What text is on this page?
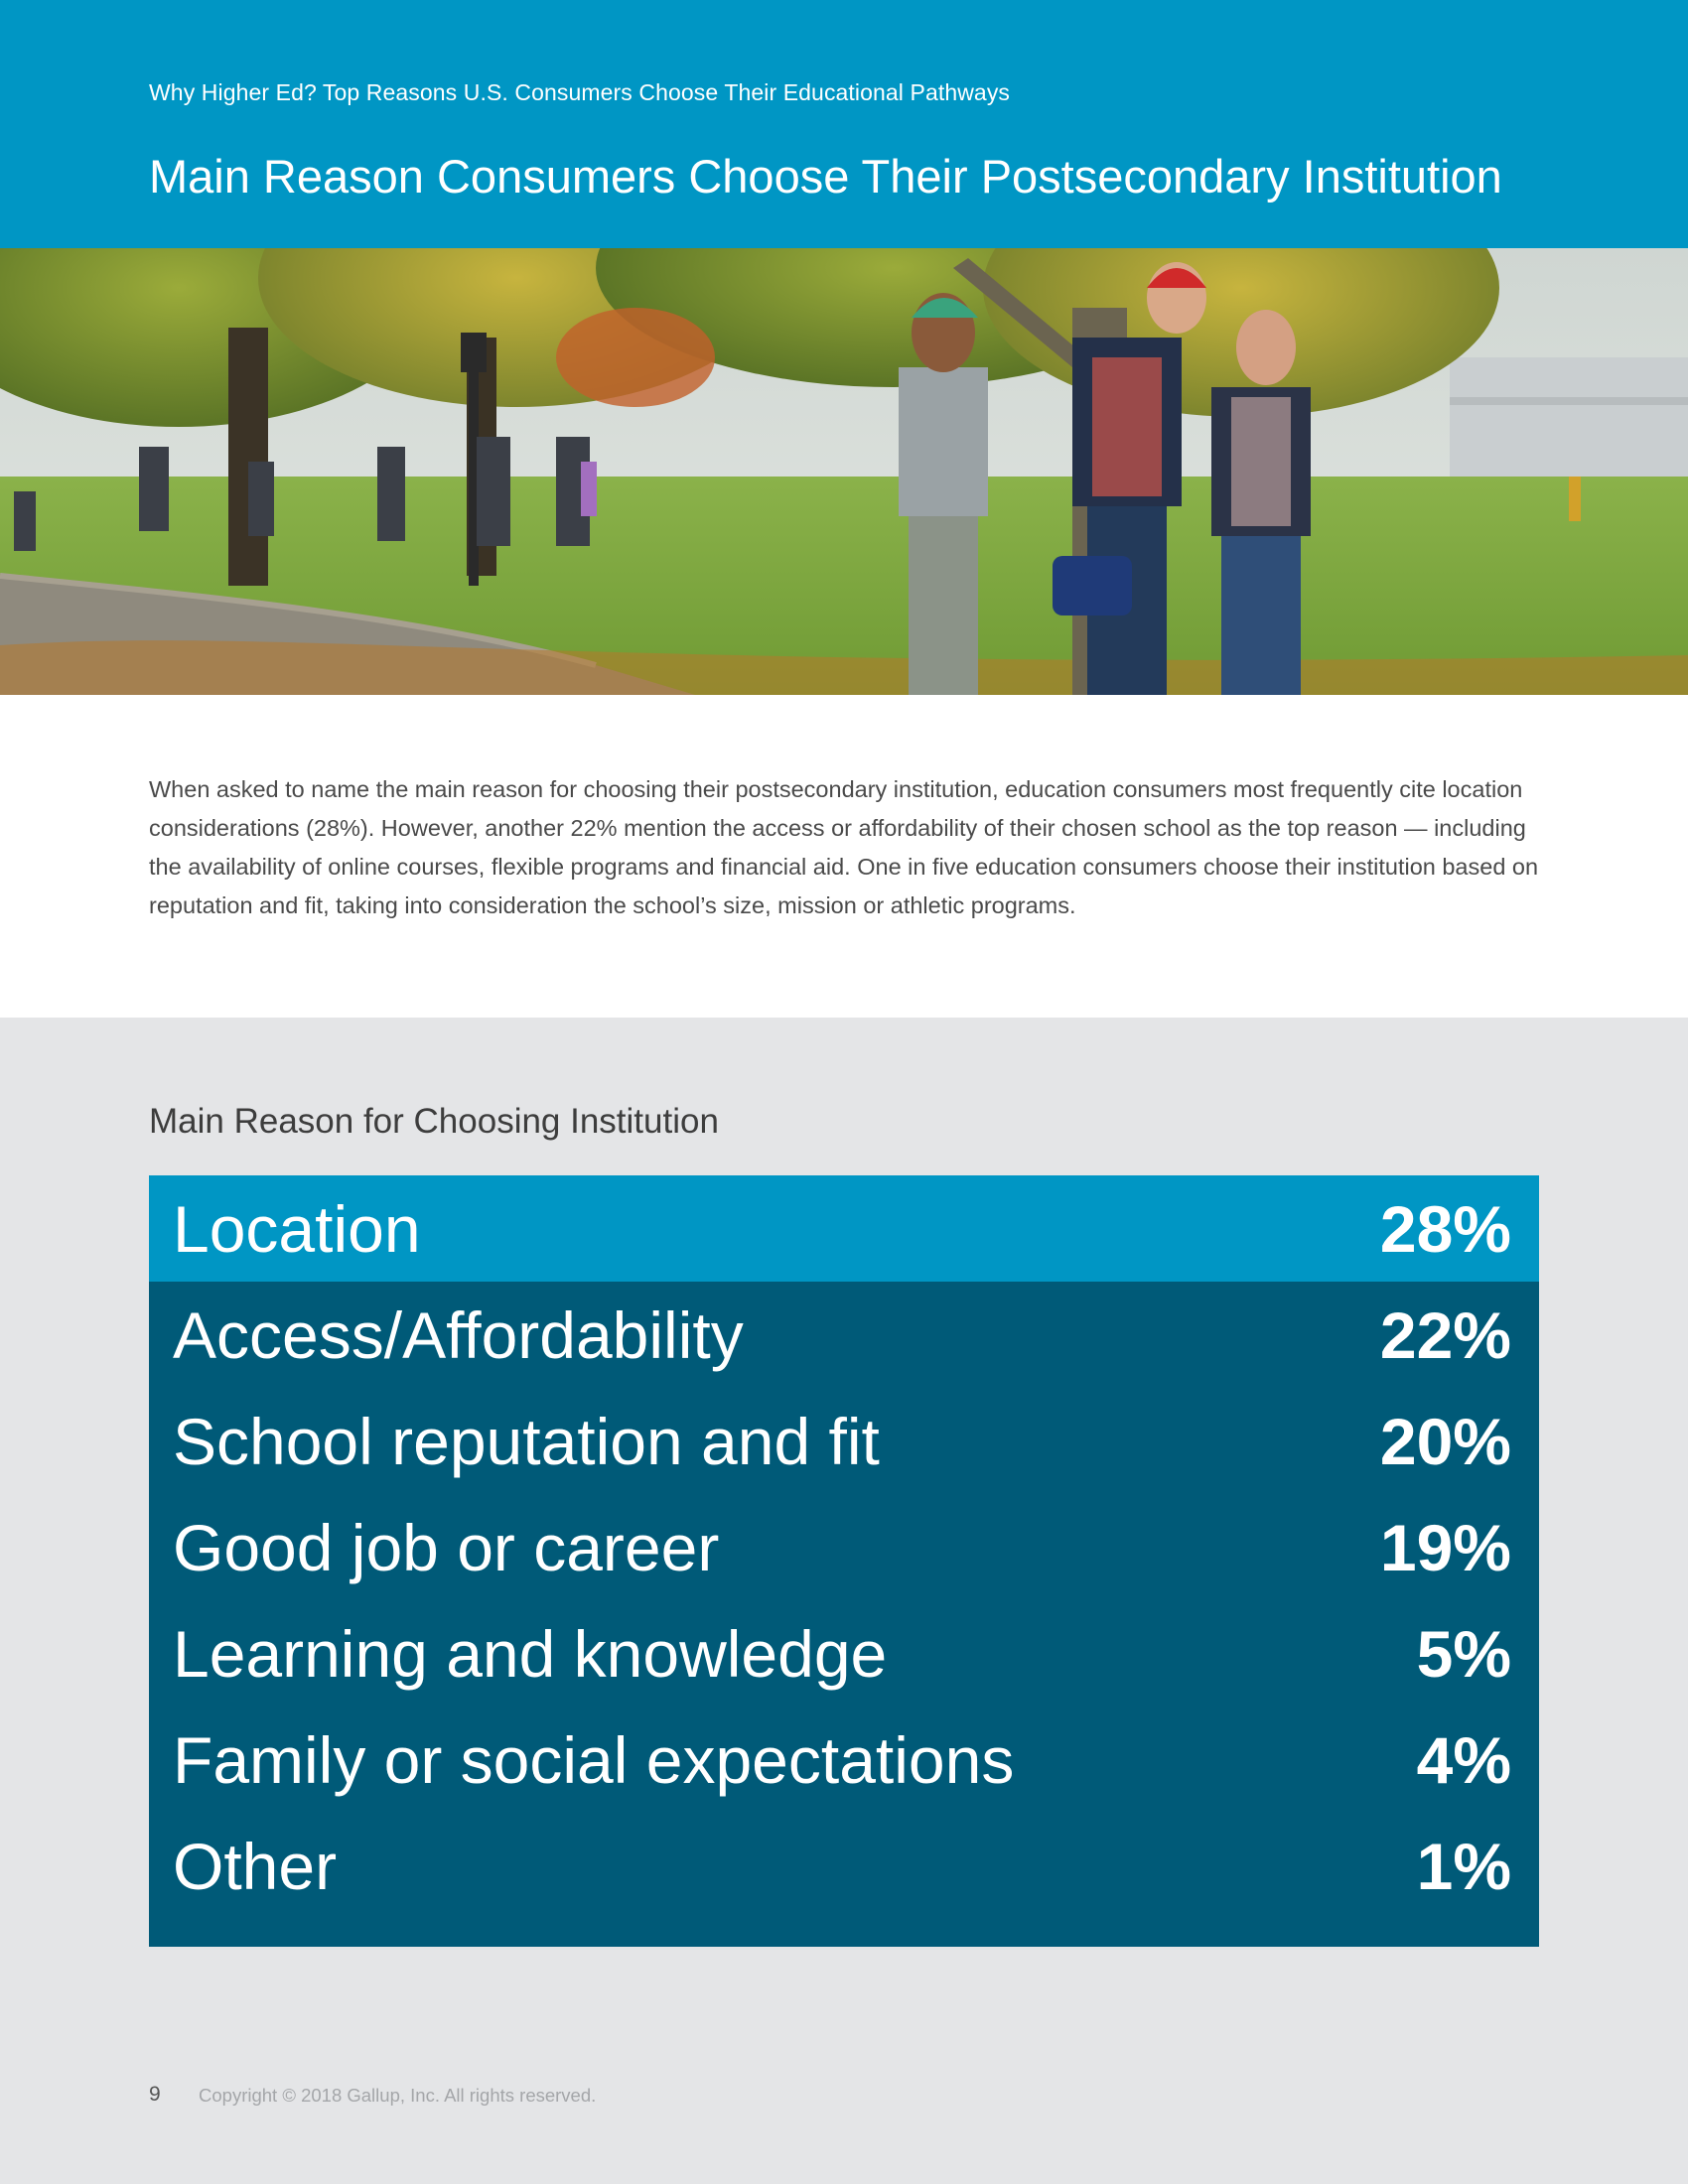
Why Higher Ed? Top Reasons U.S. Consumers Choose Their Educational Pathways
Main Reason Consumers Choose Their Postsecondary Institution

When asked to name the main reason for choosing their postsecondary institution, education consumers most frequently cite location considerations (28%). However, another 22% mention the access or affordability of their chosen school as the top reason — including the availability of online courses, flexible programs and financial aid. One in five education consumers choose their institution based on reputation and fit, taking into consideration the school’s size, mission or athletic programs.

Main Reason for Choosing Institution
Location	28%
Access/Affordability	22%
School reputation and fit	20%
Good job or career	19%
Learning and knowledge	5%
Family or social expectations	4%
Other	1%
9 Copyright © 2018 Gallup, Inc. All rights reserved.
